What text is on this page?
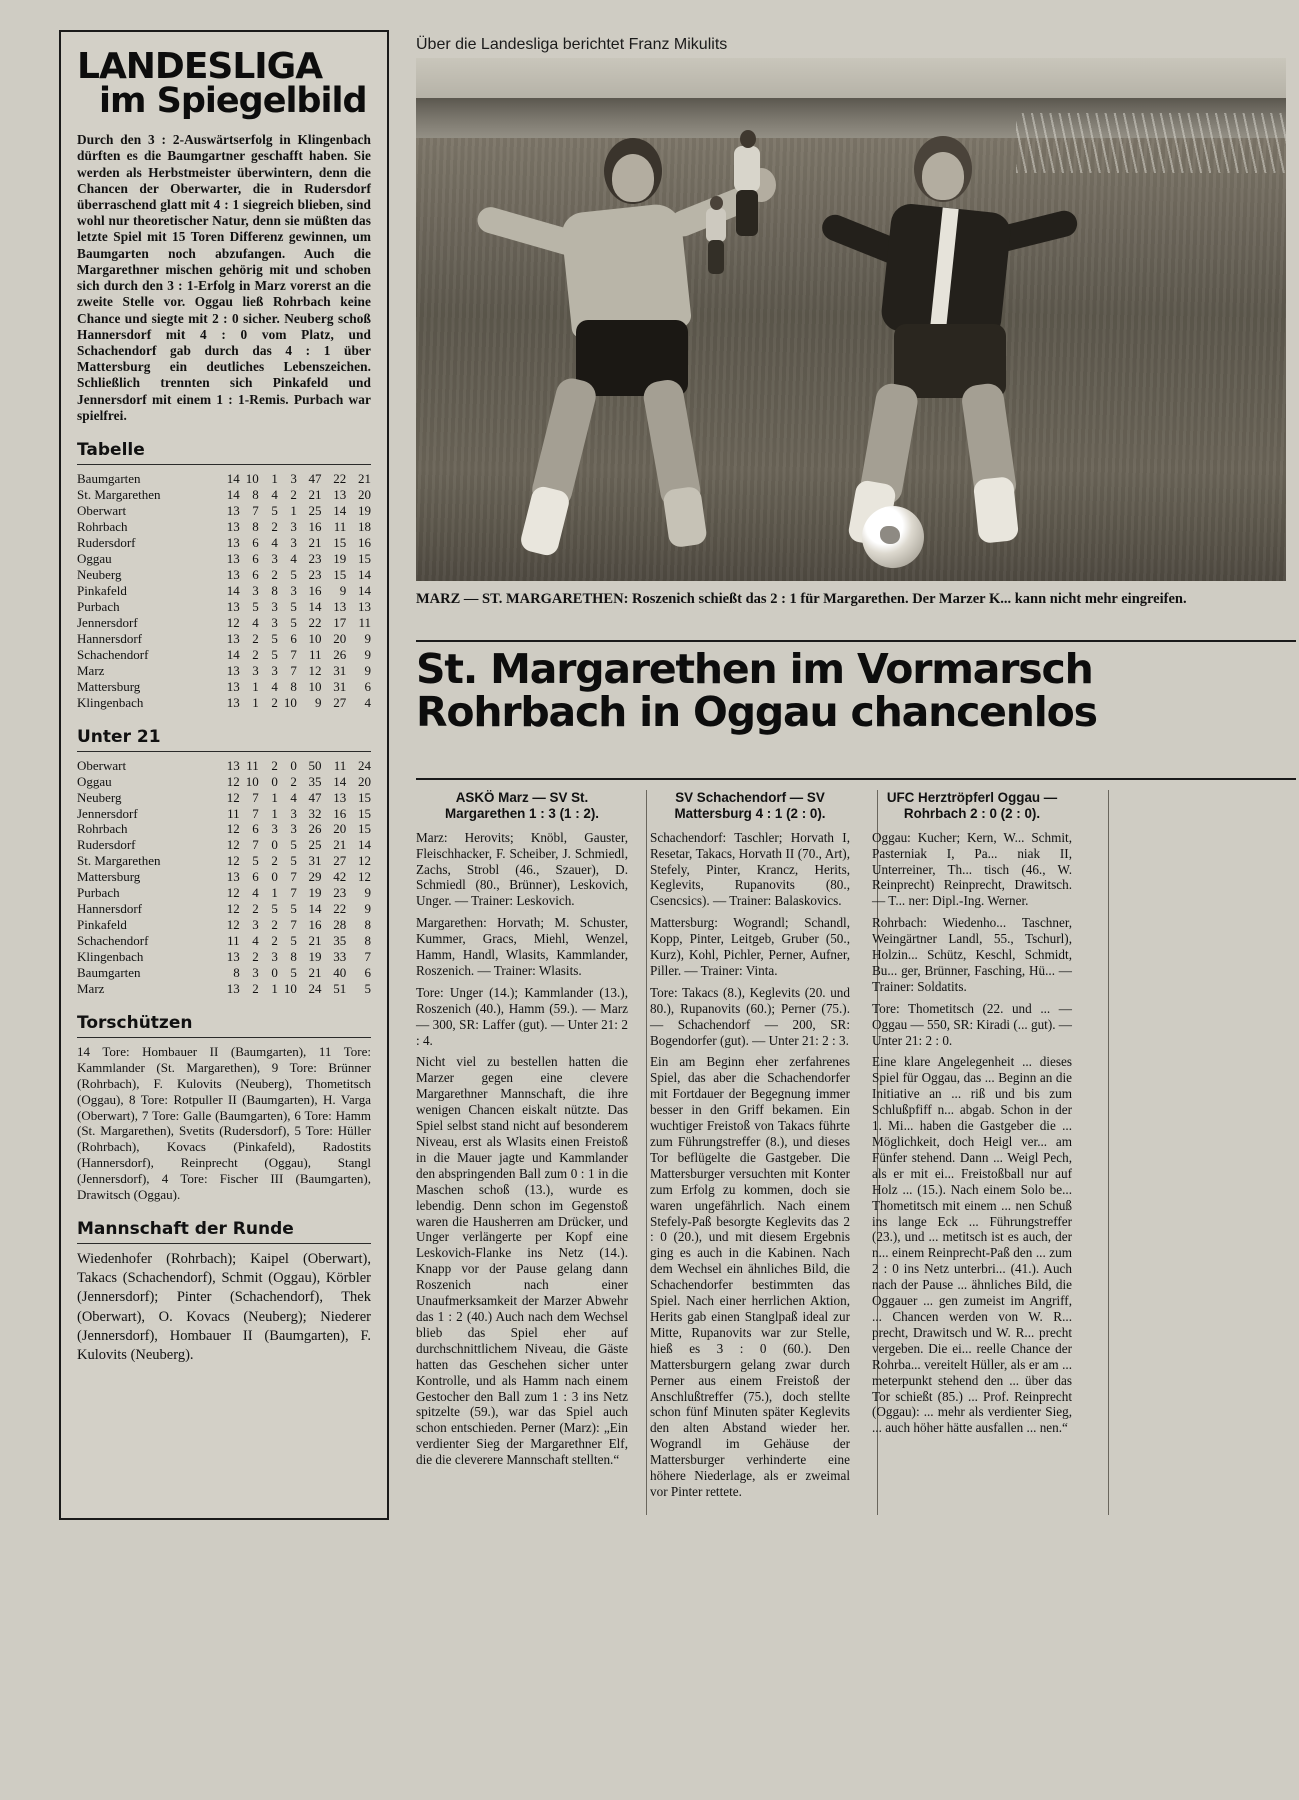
LANDESLIGA
im Spiegelbild
Durch den 3 : 2-Auswärtserfolg in Klingenbach dürften es die Baumgartner geschafft haben. Sie werden als Herbstmeister überwintern, denn die Chancen der Oberwarter, die in Rudersdorf überraschend glatt mit 4 : 1 siegreich blieben, sind wohl nur theoretischer Natur, denn sie müßten das letzte Spiel mit 15 Toren Differenz gewinnen, um Baumgarten noch abzufangen. Auch die Margarethner mischen gehörig mit und schoben sich durch den 3 : 1-Erfolg in Marz vorerst an die zweite Stelle vor. Oggau ließ Rohrbach keine Chance und siegte mit 2 : 0 sicher. Neuberg schoß Hannersdorf mit 4 : 0 vom Platz, und Schachendorf gab durch das 4 : 1 über Mattersburg ein deutliches Lebenszeichen. Schließlich trennten sich Pinkafeld und Jennersdorf mit einem 1 : 1-Remis. Purbach war spielfrei.
Tabelle
Baumgarten	14	10	1	3	47	22	21
St. Margarethen	14	8	4	2	21	13	20
Oberwart	13	7	5	1	25	14	19
Rohrbach	13	8	2	3	16	11	18
Rudersdorf	13	6	4	3	21	15	16
Oggau	13	6	3	4	23	19	15
Neuberg	13	6	2	5	23	15	14
Pinkafeld	14	3	8	3	16	9	14
Purbach	13	5	3	5	14	13	13
Jennersdorf	12	4	3	5	22	17	11
Hannersdorf	13	2	5	6	10	20	9
Schachendorf	14	2	5	7	11	26	9
Marz	13	3	3	7	12	31	9
Mattersburg	13	1	4	8	10	31	6
Klingenbach	13	1	2	10	9	27	4
Unter 21
Oberwart	13	11	2	0	50	11	24
Oggau	12	10	0	2	35	14	20
Neuberg	12	7	1	4	47	13	15
Jennersdorf	11	7	1	3	32	16	15
Rohrbach	12	6	3	3	26	20	15
Rudersdorf	12	7	0	5	25	21	14
St. Margarethen	12	5	2	5	31	27	12
Mattersburg	13	6	0	7	29	42	12
Purbach	12	4	1	7	19	23	9
Hannersdorf	12	2	5	5	14	22	9
Pinkafeld	12	3	2	7	16	28	8
Schachendorf	11	4	2	5	21	35	8
Klingenbach	13	2	3	8	19	33	7
Baumgarten	8	3	0	5	21	40	6
Marz	13	2	1	10	24	51	5
Torschützen
14 Tore: Hombauer II (Baumgarten), 11 Tore: Kammlander (St. Margarethen), 9 Tore: Brünner (Rohrbach), F. Kulovits (Neuberg), Thometitsch (Oggau), 8 Tore: Rotpuller II (Baumgarten), H. Varga (Oberwart), 7 Tore: Galle (Baumgarten), 6 Tore: Hamm (St. Margarethen), Svetits (Rudersdorf), 5 Tore: Hüller (Rohrbach), Kovacs (Pinkafeld), Radostits (Hannersdorf), Reinprecht (Oggau), Stangl (Jennersdorf), 4 Tore: Fischer III (Baumgarten), Drawitsch (Oggau).
Mannschaft der Runde
Wiedenhofer (Rohrbach); Kaipel (Oberwart), Takacs (Schachendorf), Schmit (Oggau), Körbler (Jennersdorf); Pinter (Schachendorf), Thek (Oberwart), O. Kovacs (Neuberg); Niederer (Jennersdorf), Hombauer II (Baumgarten), F. Kulovits (Neuberg).
Über die Landesliga berichtet Franz Mikulits
MARZ — ST. MARGARETHEN: Roszenich schießt das 2 : 1 für Margarethen. Der Marzer K... kann nicht mehr eingreifen.
St. Margarethen im Vormarsch
Rohrbach in Oggau chancenlos
ASKÖ Marz — SV St. Margarethen 1 : 3 (1 : 2).

Marz: Herovits; Knöbl, Gauster, Fleischhacker, F. Scheiber, J. Schmiedl, Zachs, Strobl (46., Szauer), D. Schmiedl (80., Brünner), Leskovich, Unger. — Trainer: Leskovich.

Margarethen: Horvath; M. Schuster, Kummer, Gracs, Miehl, Wenzel, Hamm, Handl, Wlasits, Kammlander, Roszenich. — Trainer: Wlasits.

Tore: Unger (14.); Kammlander (13.), Roszenich (40.), Hamm (59.). — Marz — 300, SR: Laffer (gut). — Unter 21: 2 : 4.

Nicht viel zu bestellen hatten die Marzer gegen eine clevere Margarethner Mannschaft, die ihre wenigen Chancen eiskalt nützte. Das Spiel selbst stand nicht auf besonderem Niveau, erst als Wlasits einen Freistoß in die Mauer jagte und Kammlander den abspringenden Ball zum 0 : 1 in die Maschen schoß (13.), wurde es lebendig. Denn schon im Gegenstoß waren die Hausherren am Drücker, und Unger verlängerte per Kopf eine Leskovich-Flanke ins Netz (14.). Knapp vor der Pause gelang dann Roszenich nach einer Unaufmerksamkeit der Marzer Abwehr das 1 : 2 (40.) Auch nach dem Wechsel blieb das Spiel eher auf durchschnittlichem Niveau, die Gäste hatten das Geschehen sicher unter Kontrolle, und als Hamm nach einem Gestocher den Ball zum 1 : 3 ins Netz spitzelte (59.), war das Spiel auch schon entschieden. Perner (Marz): „Ein verdienter Sieg der Margarethner Elf, die die cleverere Mannschaft stellten.“

SV Schachendorf — SV Mattersburg 4 : 1 (2 : 0).

Schachendorf: Taschler; Horvath I, Resetar, Takacs, Horvath II (70., Art), Stefely, Pinter, Krancz, Herits, Keglevits, Rupanovits (80., Csencsics). — Trainer: Balaskovics.

Mattersburg: Wograndl; Schandl, Kopp, Pinter, Leitgeb, Gruber (50., Kurz), Kohl, Pichler, Perner, Aufner, Piller. — Trainer: Vinta.

Tore: Takacs (8.), Keglevits (20. und 80.), Rupanovits (60.); Perner (75.). — Schachendorf — 200, SR: Bogendorfer (gut). — Unter 21: 2 : 3.

Ein am Beginn eher zerfahrenes Spiel, das aber die Schachendorfer mit Fortdauer der Begegnung immer besser in den Griff bekamen. Ein wuchtiger Freistoß von Takacs führte zum Führungstreffer (8.), und dieses Tor beflügelte die Gastgeber. Die Mattersburger versuchten mit Konter zum Erfolg zu kommen, doch sie waren ungefährlich. Nach einem Stefely-Paß besorgte Keglevits das 2 : 0 (20.), und mit diesem Ergebnis ging es auch in die Kabinen. Nach dem Wechsel ein ähnliches Bild, die Schachendorfer bestimmten das Spiel. Nach einer herrlichen Aktion, Herits gab einen Stanglpaß ideal zur Mitte, Rupanovits war zur Stelle, hieß es 3 : 0 (60.). Den Mattersburgern gelang zwar durch Perner aus einem Freistoß der Anschlußtreffer (75.), doch stellte schon fünf Minuten später Keglevits den alten Abstand wieder her. Wograndl im Gehäuse der Mattersburger verhinderte eine höhere Niederlage, als er zweimal vor Pinter rettete.

UFC Herztröpferl Oggau — Rohrbach 2 : 0 (2 : 0).

Oggau: Kucher; Kern, W... Schmit, Pasterniak I, Pa... niak II, Unterreiner, Th... tisch (46., W. Reinprecht) Reinprecht, Drawitsch. — T... ner: Dipl.-Ing. Werner.

Rohrbach: Wiedenho... Taschner, Weingärtner Landl, 55., Tschurl), Holzin... Schütz, Keschl, Schmidt, Bu... ger, Brünner, Fasching, Hü... — Trainer: Soldatits.

Tore: Thometitsch (22. und ... — Oggau — 550, SR: Kiradi (... gut). — Unter 21: 2 : 0.

Eine klare Angelegenheit ... dieses Spiel für Oggau, das ... Beginn an die Initiative an ... riß und bis zum Schlußpfiff n... abgab. Schon in der 1. Mi... haben die Gastgeber die ... Möglichkeit, doch Heigl ver... am Fünfer stehend. Dann ... Weigl Pech, als er mit ei... Freistoßball nur auf Holz ... (15.). Nach einem Solo be... Thometitsch mit einem ... nen Schuß ins lange Eck ... Führungstreffer (23.), und ... metitsch ist es auch, der n... einem Reinprecht-Paß den ... zum 2 : 0 ins Netz unterbri... (41.). Auch nach der Pause ... ähnliches Bild, die Oggauer ... gen zumeist im Angriff, ... Chancen werden von W. R... precht, Drawitsch und W. R... precht vergeben. Die ei... reelle Chance der Rohrba... vereitelt Hüller, als er am ... meterpunkt stehend den ... über das Tor schießt (85.) ... Prof. Reinprecht (Oggau): ... mehr als verdienter Sieg, ... auch höher hätte ausfallen ... nen.“
